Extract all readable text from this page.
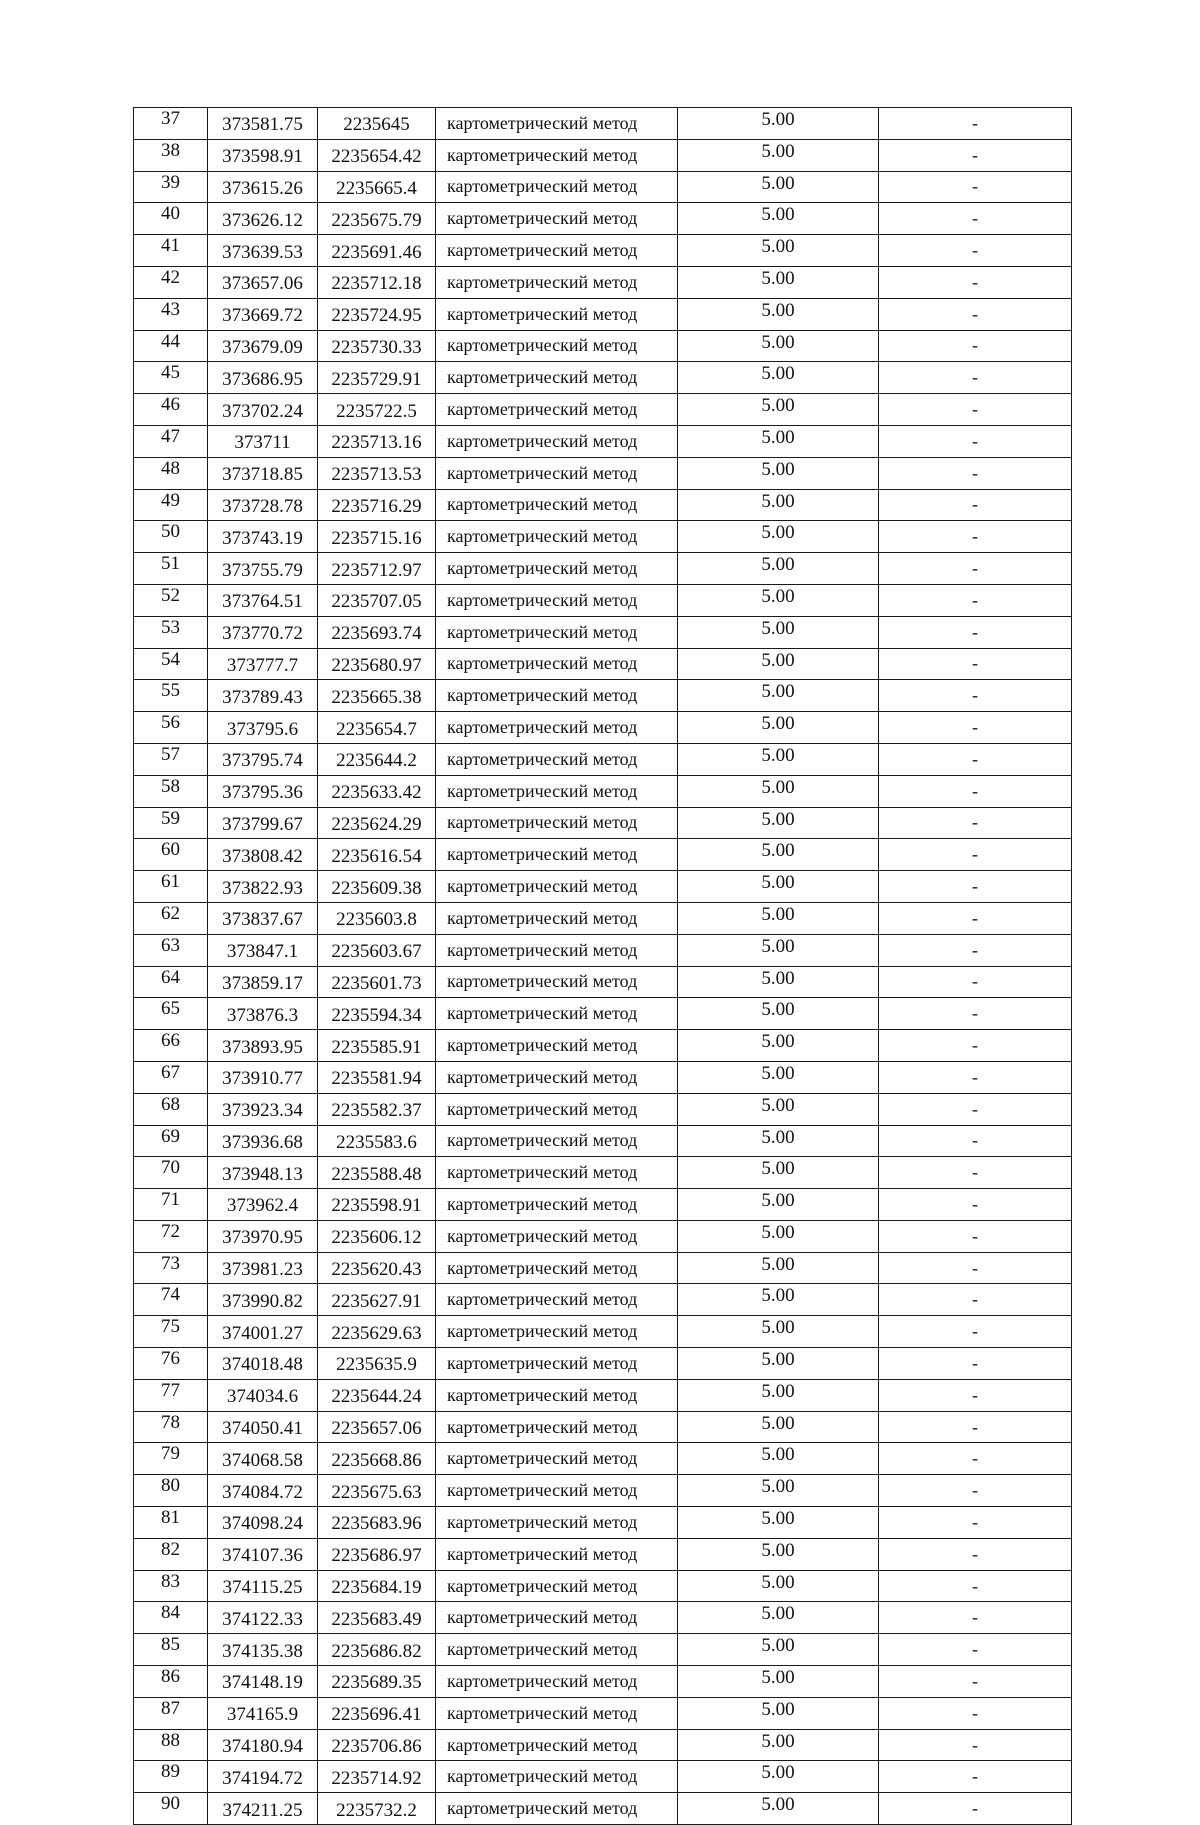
37	373581.75	2235645	картометрический метод	5.00	-
38	373598.91	2235654.42	картометрический метод	5.00	-
39	373615.26	2235665.4	картометрический метод	5.00	-
40	373626.12	2235675.79	картометрический метод	5.00	-
41	373639.53	2235691.46	картометрический метод	5.00	-
42	373657.06	2235712.18	картометрический метод	5.00	-
43	373669.72	2235724.95	картометрический метод	5.00	-
44	373679.09	2235730.33	картометрический метод	5.00	-
45	373686.95	2235729.91	картометрический метод	5.00	-
46	373702.24	2235722.5	картометрический метод	5.00	-
47	373711	2235713.16	картометрический метод	5.00	-
48	373718.85	2235713.53	картометрический метод	5.00	-
49	373728.78	2235716.29	картометрический метод	5.00	-
50	373743.19	2235715.16	картометрический метод	5.00	-
51	373755.79	2235712.97	картометрический метод	5.00	-
52	373764.51	2235707.05	картометрический метод	5.00	-
53	373770.72	2235693.74	картометрический метод	5.00	-
54	373777.7	2235680.97	картометрический метод	5.00	-
55	373789.43	2235665.38	картометрический метод	5.00	-
56	373795.6	2235654.7	картометрический метод	5.00	-
57	373795.74	2235644.2	картометрический метод	5.00	-
58	373795.36	2235633.42	картометрический метод	5.00	-
59	373799.67	2235624.29	картометрический метод	5.00	-
60	373808.42	2235616.54	картометрический метод	5.00	-
61	373822.93	2235609.38	картометрический метод	5.00	-
62	373837.67	2235603.8	картометрический метод	5.00	-
63	373847.1	2235603.67	картометрический метод	5.00	-
64	373859.17	2235601.73	картометрический метод	5.00	-
65	373876.3	2235594.34	картометрический метод	5.00	-
66	373893.95	2235585.91	картометрический метод	5.00	-
67	373910.77	2235581.94	картометрический метод	5.00	-
68	373923.34	2235582.37	картометрический метод	5.00	-
69	373936.68	2235583.6	картометрический метод	5.00	-
70	373948.13	2235588.48	картометрический метод	5.00	-
71	373962.4	2235598.91	картометрический метод	5.00	-
72	373970.95	2235606.12	картометрический метод	5.00	-
73	373981.23	2235620.43	картометрический метод	5.00	-
74	373990.82	2235627.91	картометрический метод	5.00	-
75	374001.27	2235629.63	картометрический метод	5.00	-
76	374018.48	2235635.9	картометрический метод	5.00	-
77	374034.6	2235644.24	картометрический метод	5.00	-
78	374050.41	2235657.06	картометрический метод	5.00	-
79	374068.58	2235668.86	картометрический метод	5.00	-
80	374084.72	2235675.63	картометрический метод	5.00	-
81	374098.24	2235683.96	картометрический метод	5.00	-
82	374107.36	2235686.97	картометрический метод	5.00	-
83	374115.25	2235684.19	картометрический метод	5.00	-
84	374122.33	2235683.49	картометрический метод	5.00	-
85	374135.38	2235686.82	картометрический метод	5.00	-
86	374148.19	2235689.35	картометрический метод	5.00	-
87	374165.9	2235696.41	картометрический метод	5.00	-
88	374180.94	2235706.86	картометрический метод	5.00	-
89	374194.72	2235714.92	картометрический метод	5.00	-
90	374211.25	2235732.2	картометрический метод	5.00	-
